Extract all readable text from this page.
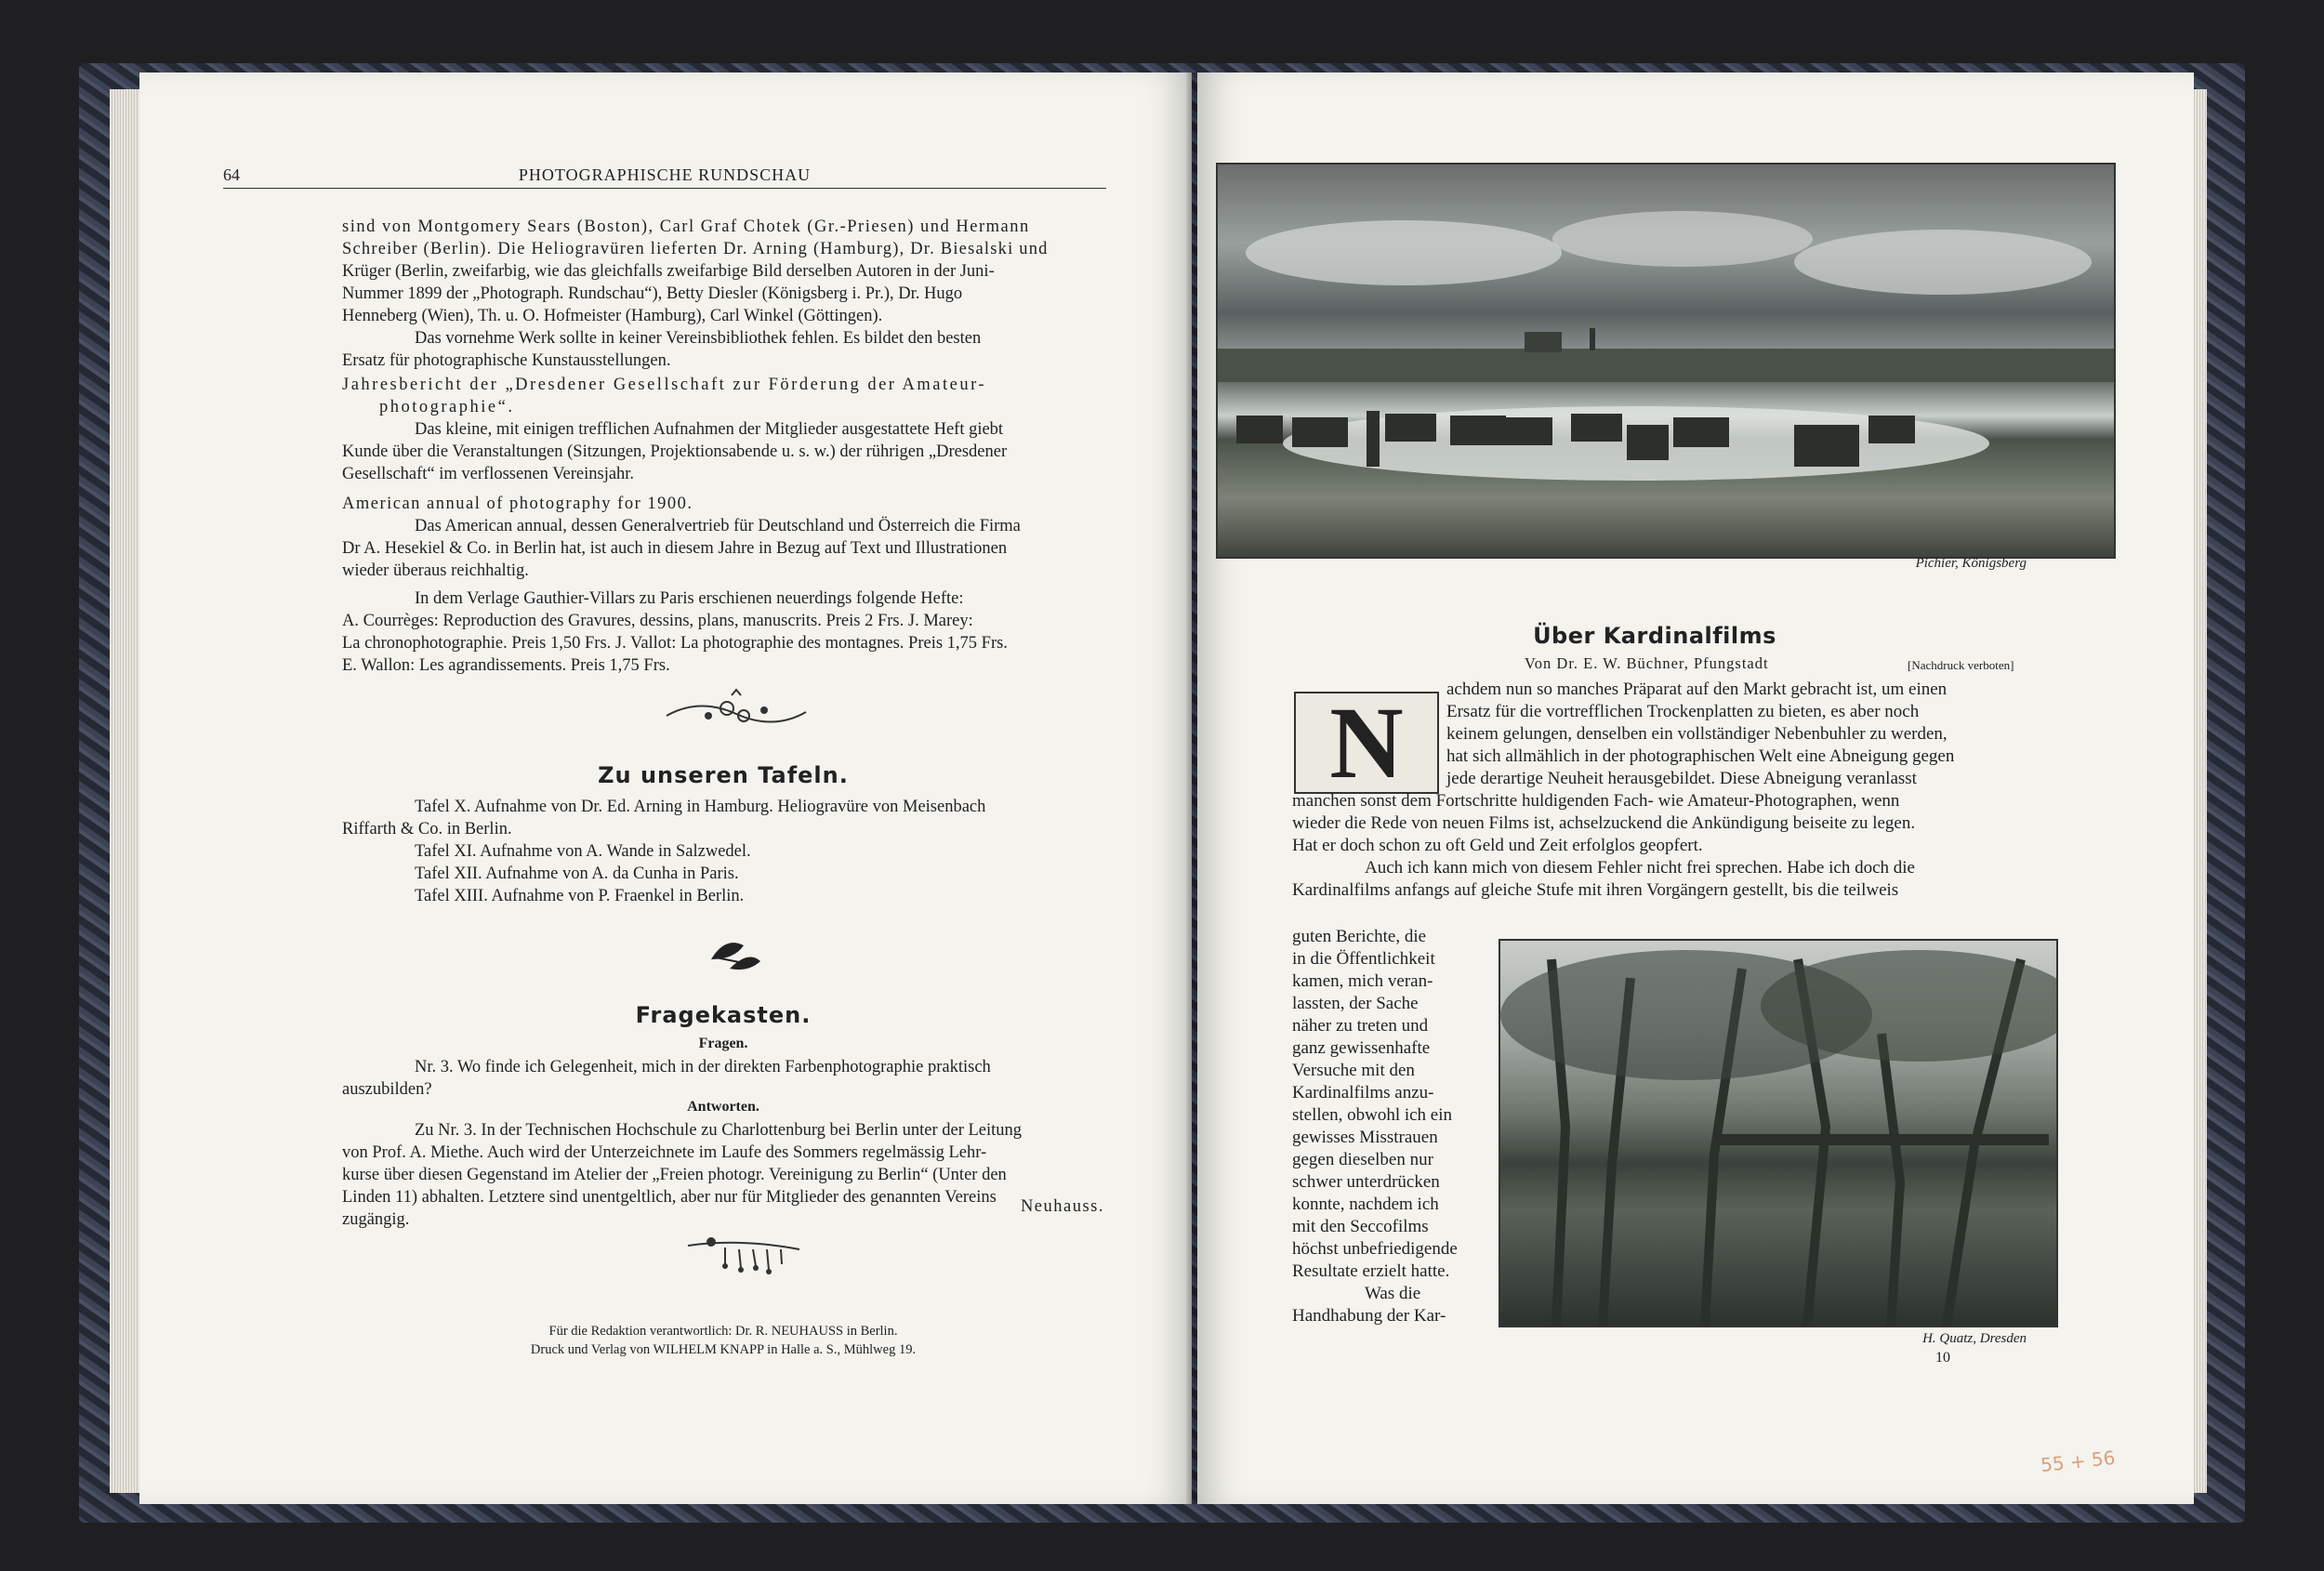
64	PHOTOGRAPHISCHE RUNDSCHAU

sind von Montgomery Sears (Boston), Carl Graf Chotek (Gr.-Priesen) und Hermann

Schreiber (Berlin). Die Heliogravüren lieferten Dr. Arning (Hamburg), Dr. Biesalski und

Krüger (Berlin, zweifarbig, wie das gleichfalls zweifarbige Bild derselben Autoren in der Juni-

Nummer 1899 der „Photograph. Rundschau“), Betty Diesler (Königsberg i. Pr.), Dr. Hugo

Henneberg (Wien), Th. u. O. Hofmeister (Hamburg), Carl Winkel (Göttingen).

Das vornehme Werk sollte in keiner Vereinsbibliothek fehlen. Es bildet den besten

Ersatz für photographische Kunstausstellungen.

Jahresbericht der „Dresdener Gesellschaft zur Förderung der Amateur-

photographie“.

Das kleine, mit einigen trefflichen Aufnahmen der Mitglieder ausgestattete Heft giebt

Kunde über die Veranstaltungen (Sitzungen, Projektionsabende u. s. w.) der rührigen „Dresdener

Gesellschaft“ im verflossenen Vereinsjahr.

American annual of photography for 1900.

Das American annual, dessen Generalvertrieb für Deutschland und Österreich die Firma

Dr A. Hesekiel & Co. in Berlin hat, ist auch in diesem Jahre in Bezug auf Text und Illustrationen

wieder überaus reichhaltig.

In dem Verlage Gauthier-Villars zu Paris erschienen neuerdings folgende Hefte:

A. Courrèges: Reproduction des Gravures, dessins, plans, manuscrits. Preis 2 Frs. J. Marey:

La chronophotographie. Preis 1,50 Frs. J. Vallot: La photographie des montagnes. Preis 1,75 Frs.

E. Wallon: Les agrandissements. Preis 1,75 Frs.

Zu unseren Tafeln.

Tafel X. Aufnahme von Dr. Ed. Arning in Hamburg. Heliogravüre von Meisenbach

Riffarth & Co. in Berlin.

Tafel XI. Aufnahme von A. Wande in Salzwedel.

Tafel XII. Aufnahme von A. da Cunha in Paris.

Tafel XIII. Aufnahme von P. Fraenkel in Berlin.

Fragekasten.
Fragen.

Nr. 3. Wo finde ich Gelegenheit, mich in der direkten Farbenphotographie praktisch

auszubilden?

Antworten.

Zu Nr. 3. In der Technischen Hochschule zu Charlottenburg bei Berlin unter der Leitung

von Prof. A. Miethe. Auch wird der Unterzeichnete im Laufe des Sommers regelmässig Lehr-

kurse über diesen Gegenstand im Atelier der „Freien photogr. Vereinigung zu Berlin“ (Unter den

Linden 11) abhalten. Letztere sind unentgeltlich, aber nur für Mitglieder des genannten Vereins

zugängig.

Neuhauss.

Für die Redaktion verantwortlich: Dr. R. NEUHAUSS in Berlin.

Druck und Verlag von WILHELM KNAPP in Halle a. S., Mühlweg 19.

Pichier, Königsberg
Über Kardinalfilms
Von Dr. E. W. Büchner, Pfungstadt	[Nachdruck verboten]
N	achdem nun so manches Präparat auf den Markt gebracht ist, um einen

Ersatz für die vortrefflichen Trockenplatten zu bieten, es aber noch

keinem gelungen, denselben ein vollständiger Nebenbuhler zu werden,

hat sich allmählich in der photographischen Welt eine Abneigung gegen

jede derartige Neuheit herausgebildet. Diese Abneigung veranlasst

manchen sonst dem Fortschritte huldigenden Fach- wie Amateur-Photographen, wenn

wieder die Rede von neuen Films ist, achselzuckend die Ankündigung beiseite zu legen.

Hat er doch schon zu oft Geld und Zeit erfolglos geopfert.

Auch ich kann mich von diesem Fehler nicht frei sprechen. Habe ich doch die

Kardinalfilms anfangs auf gleiche Stufe mit ihren Vorgängern gestellt, bis die teilweis

guten Berichte, die

in die Öffentlichkeit

kamen, mich veran-

lassten, der Sache

näher zu treten und

ganz gewissenhafte

Versuche mit den

Kardinalfilms anzu-

stellen, obwohl ich ein

gewisses Misstrauen

gegen dieselben nur

schwer unterdrücken

konnte, nachdem ich

mit den Seccofilms

höchst unbefriedigende

Resultate erzielt hatte.

Was die

Handhabung der Kar-

H. Quatz, Dresden
10
55 + 56
